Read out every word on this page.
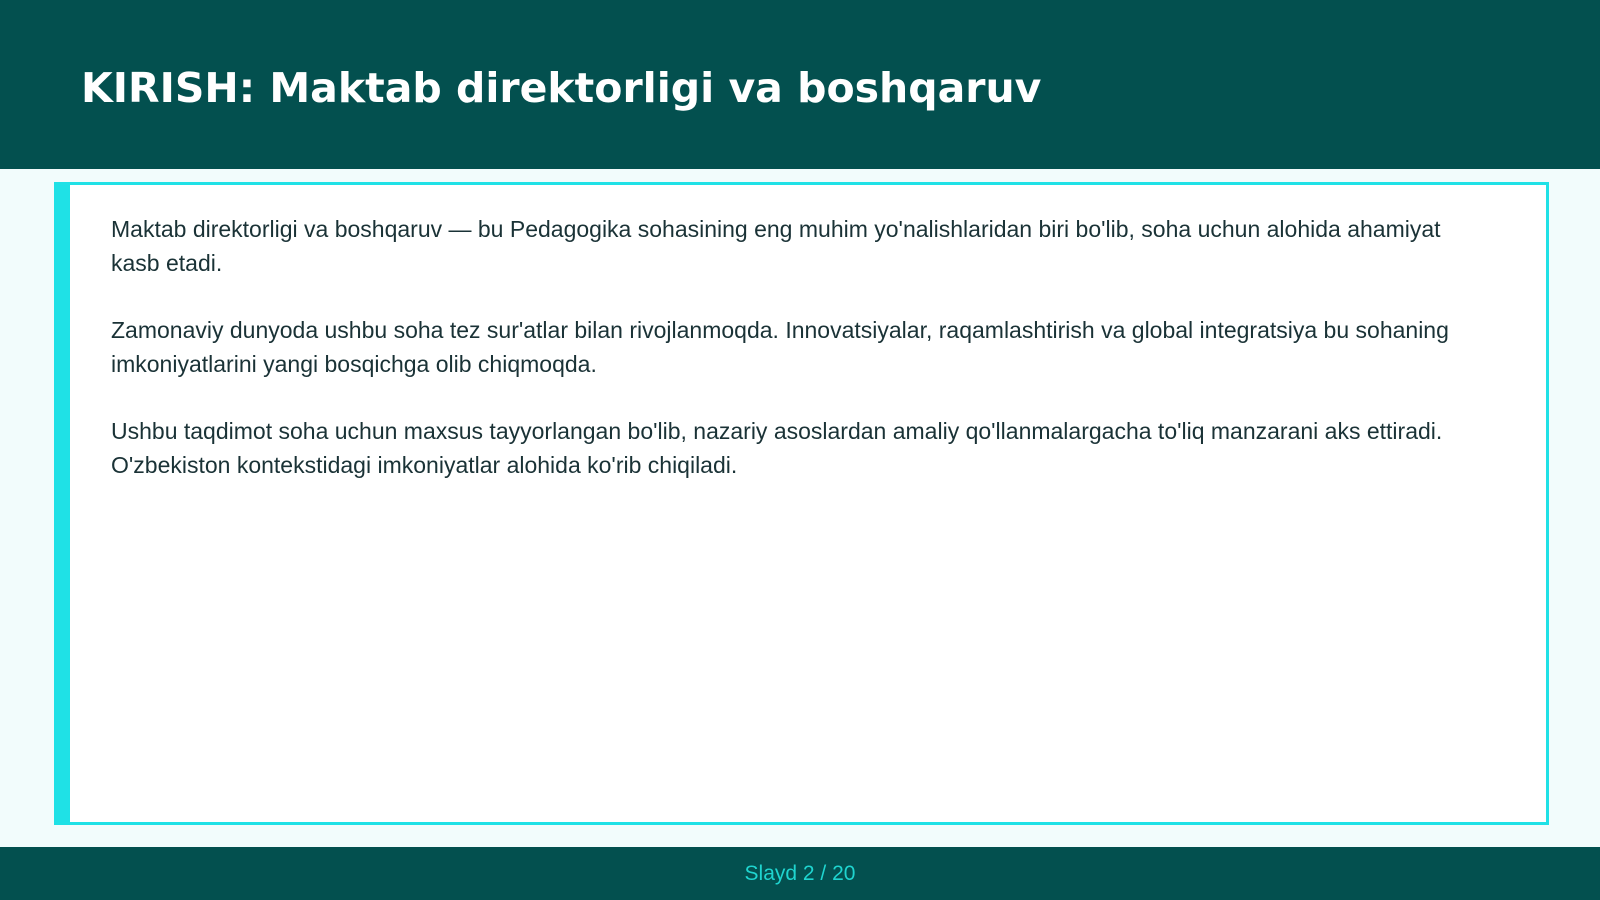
KIRISH: Maktab direktorligi va boshqaruv

Maktab direktorligi va boshqaruv — bu Pedagogika sohasining eng muhim yo'nalishlaridan biri bo'lib, soha uchun alohida ahamiyat kasb etadi.

Zamonaviy dunyoda ushbu soha tez sur'atlar bilan rivojlanmoqda. Innovatsiyalar, raqamlashtirish va global integratsiya bu sohaning imkoniyatlarini yangi bosqichga olib chiqmoqda.

Ushbu taqdimot soha uchun maxsus tayyorlangan bo'lib, nazariy asoslardan amaliy qo'llanmalargacha to'liq manzarani aks ettiradi. O'zbekiston kontekstidagi imkoniyatlar alohida ko'rib chiqiladi.

Slayd 2 / 20
